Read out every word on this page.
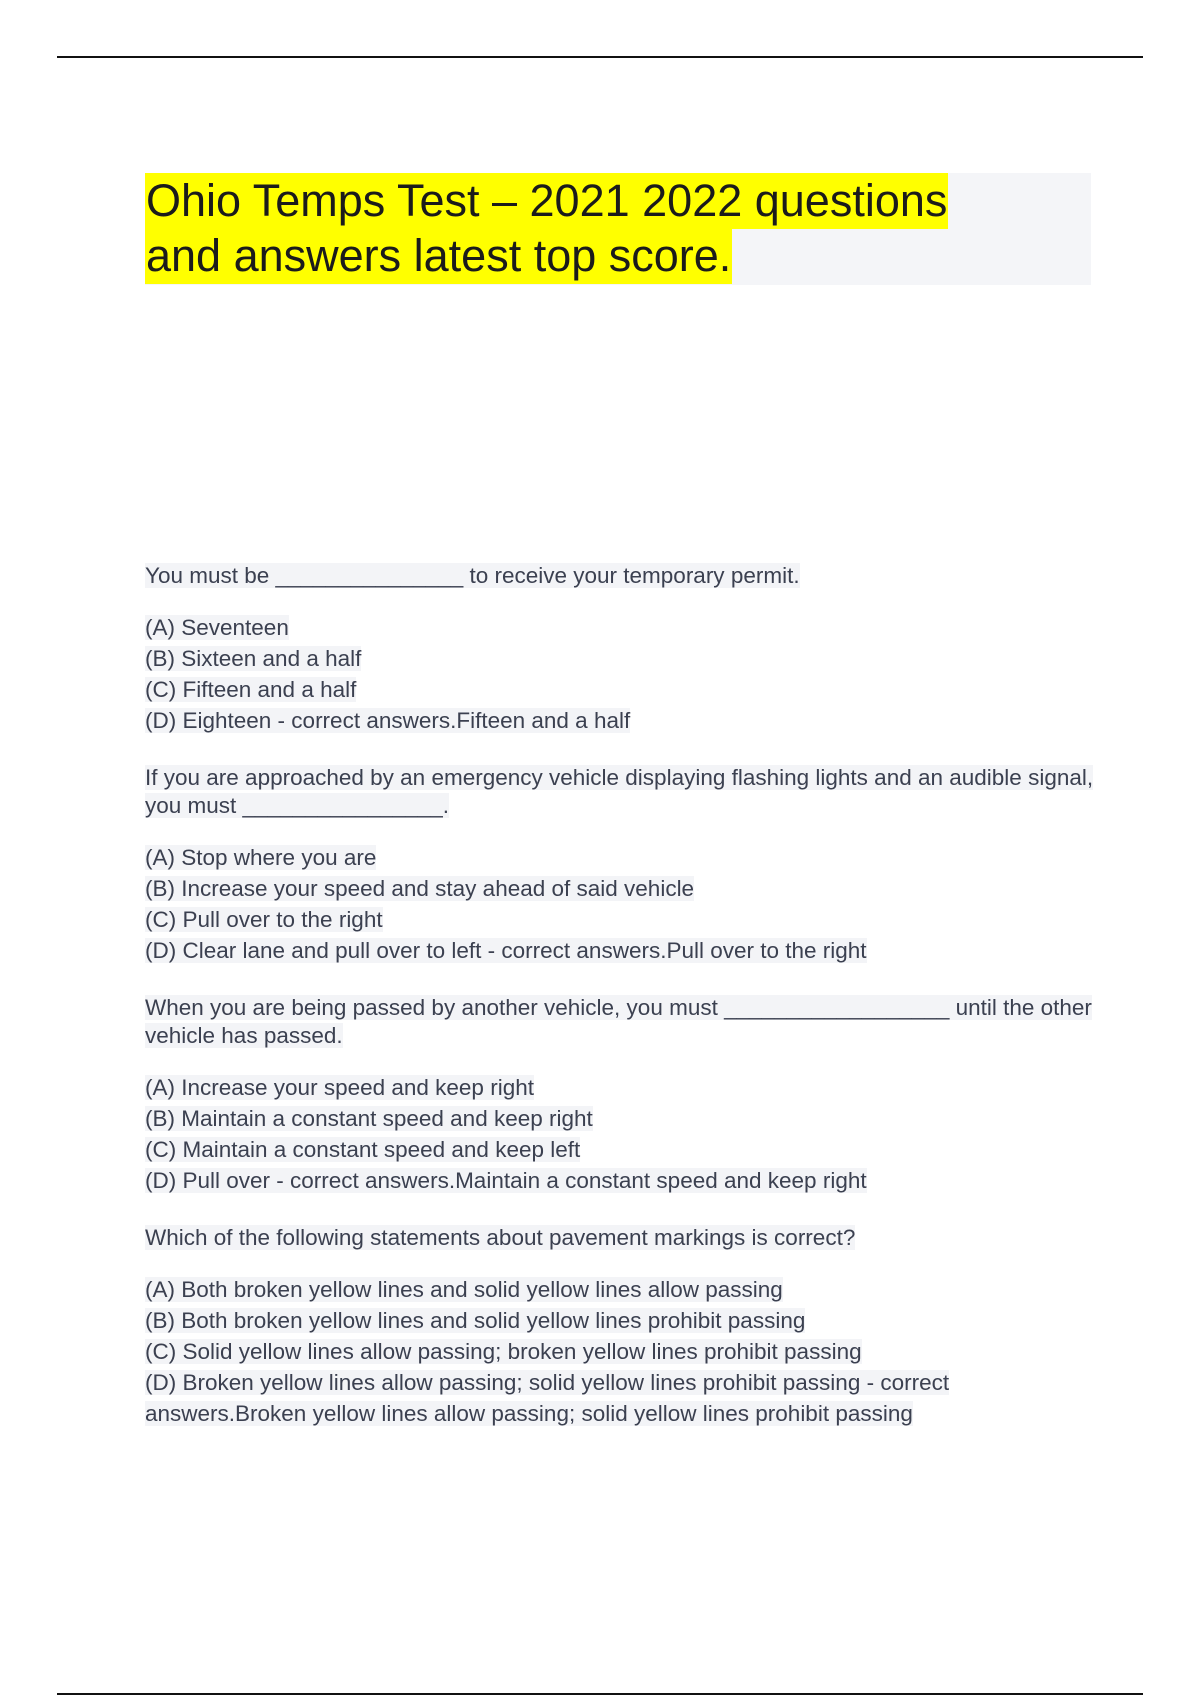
Ohio Temps Test – 2021 2022 questions
and answers latest top score.
You must be _______________ to receive your temporary permit.
(A) Seventeen
(B) Sixteen and a half
(C) Fifteen and a half
(D) Eighteen - correct answers.Fifteen and a half
If you are approached by an emergency vehicle displaying flashing lights and an audible signal, you must ________________.
(A) Stop where you are
(B) Increase your speed and stay ahead of said vehicle
(C) Pull over to the right
(D) Clear lane and pull over to left - correct answers.Pull over to the right
When you are being passed by another vehicle, you must __________________ until the other vehicle has passed.
(A) Increase your speed and keep right
(B) Maintain a constant speed and keep right
(C) Maintain a constant speed and keep left
(D) Pull over - correct answers.Maintain a constant speed and keep right
Which of the following statements about pavement markings is correct?
(A) Both broken yellow lines and solid yellow lines allow passing
(B) Both broken yellow lines and solid yellow lines prohibit passing
(C) Solid yellow lines allow passing; broken yellow lines prohibit passing
(D) Broken yellow lines allow passing; solid yellow lines prohibit passing - correct answers.Broken yellow lines allow passing; solid yellow lines prohibit passing
